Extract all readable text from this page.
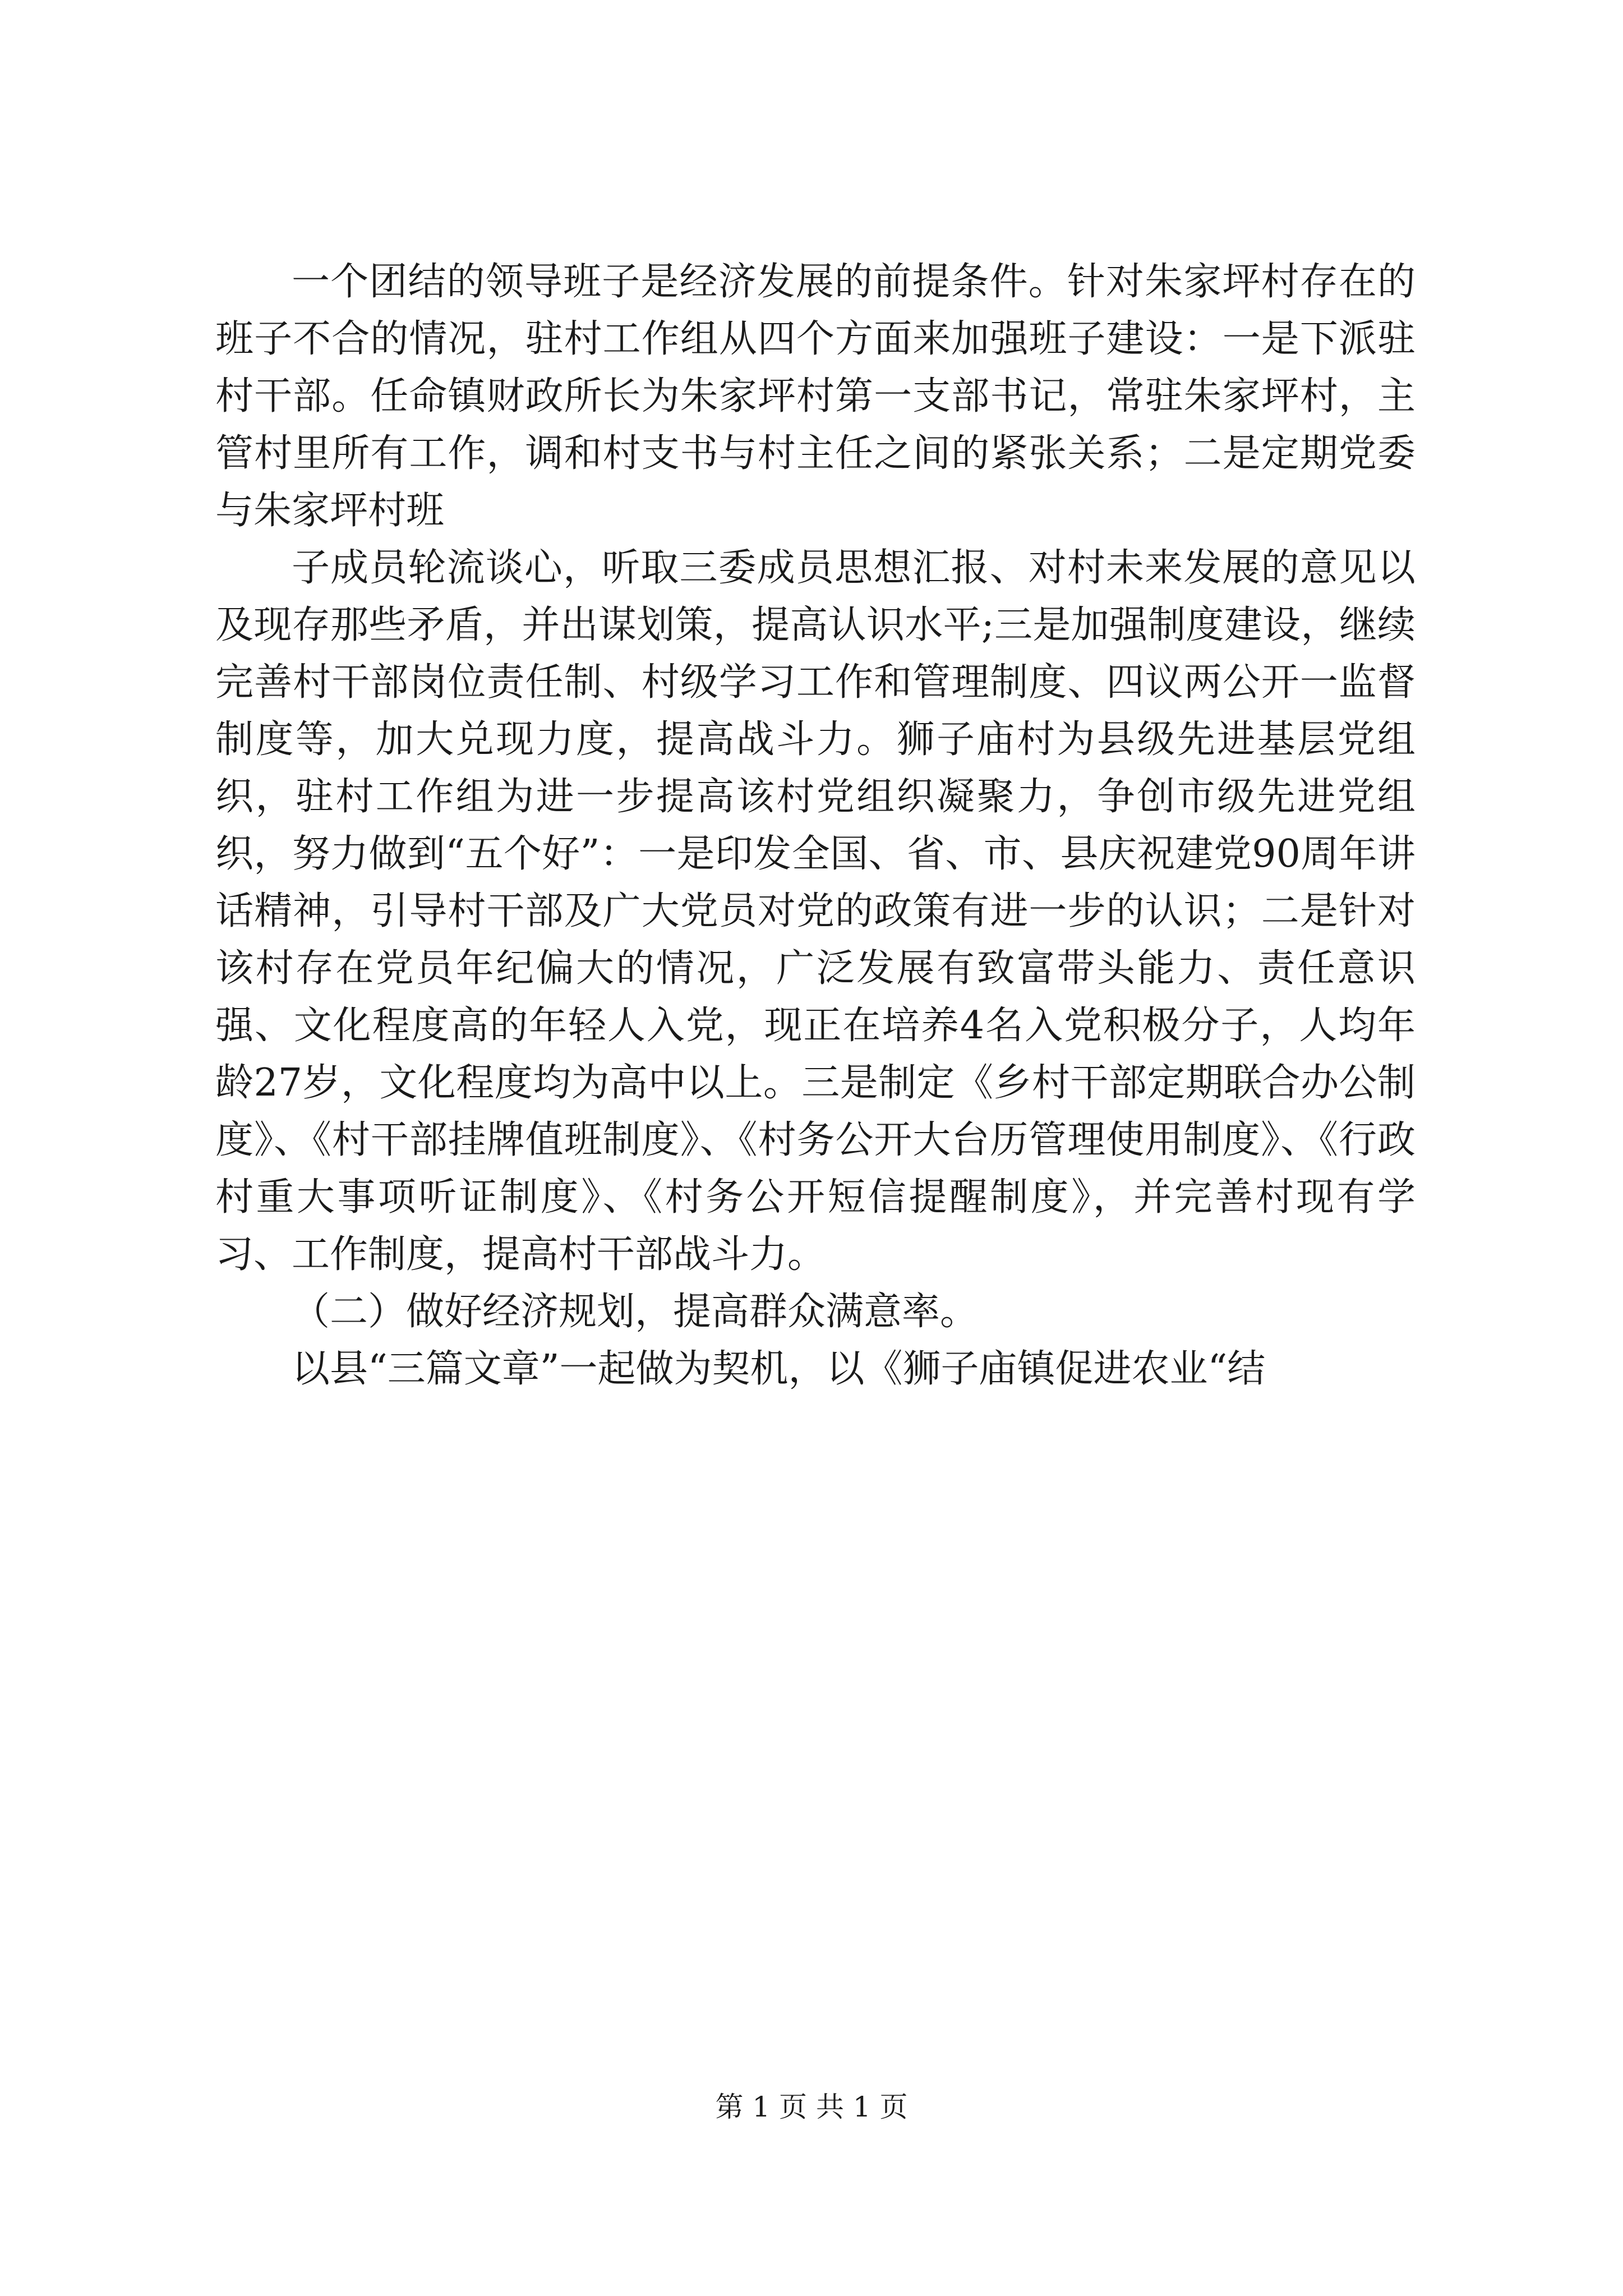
一个团结的领导班子是经济发展的前提条件。针对朱家坪村存在的班子不合的情况，驻村工作组从四个方面来加强班子建设：一是下派驻村干部。任命镇财政所长为朱家坪村第一支部书记，常驻朱家坪村，主管村里所有工作，调和村支书与村主任之间的紧张关系；二是定期党委与朱家坪村班

子成员轮流谈心，听取三委成员思想汇报、对村未来发展的意见以及现存那些矛盾，并出谋划策，提高认识水平;三是加强制度建设，继续完善村干部岗位责任制、村级学习工作和管理制度、四议两公开一监督制度等，加大兑现力度，提高战斗力。狮子庙村为县级先进基层党组织，驻村工作组为进一步提高该村党组织凝聚力，争创市级先进党组织，努力做到“五个好”：一是印发全国、省、市、县庆祝建党90周年讲话精神，引导村干部及广大党员对党的政策有进一步的认识；二是针对该村存在党员年纪偏大的情况，广泛发展有致富带头能力、责任意识强、文化程度高的年轻人入党，现正在培养4名入党积极分子，人均年龄27岁，文化程度均为高中以上。三是制定《乡村干部定期联合办公制度》、《村干部挂牌值班制度》、《村务公开大台历管理使用制度》、《行政村重大事项听证制度》、《村务公开短信提醒制度》，并完善村现有学习、工作制度，提高村干部战斗力。

（二）做好经济规划，提高群众满意率。

以县“三篇文章”一起做为契机，以《狮子庙镇促进农业“结

第 1 页 共 1 页
